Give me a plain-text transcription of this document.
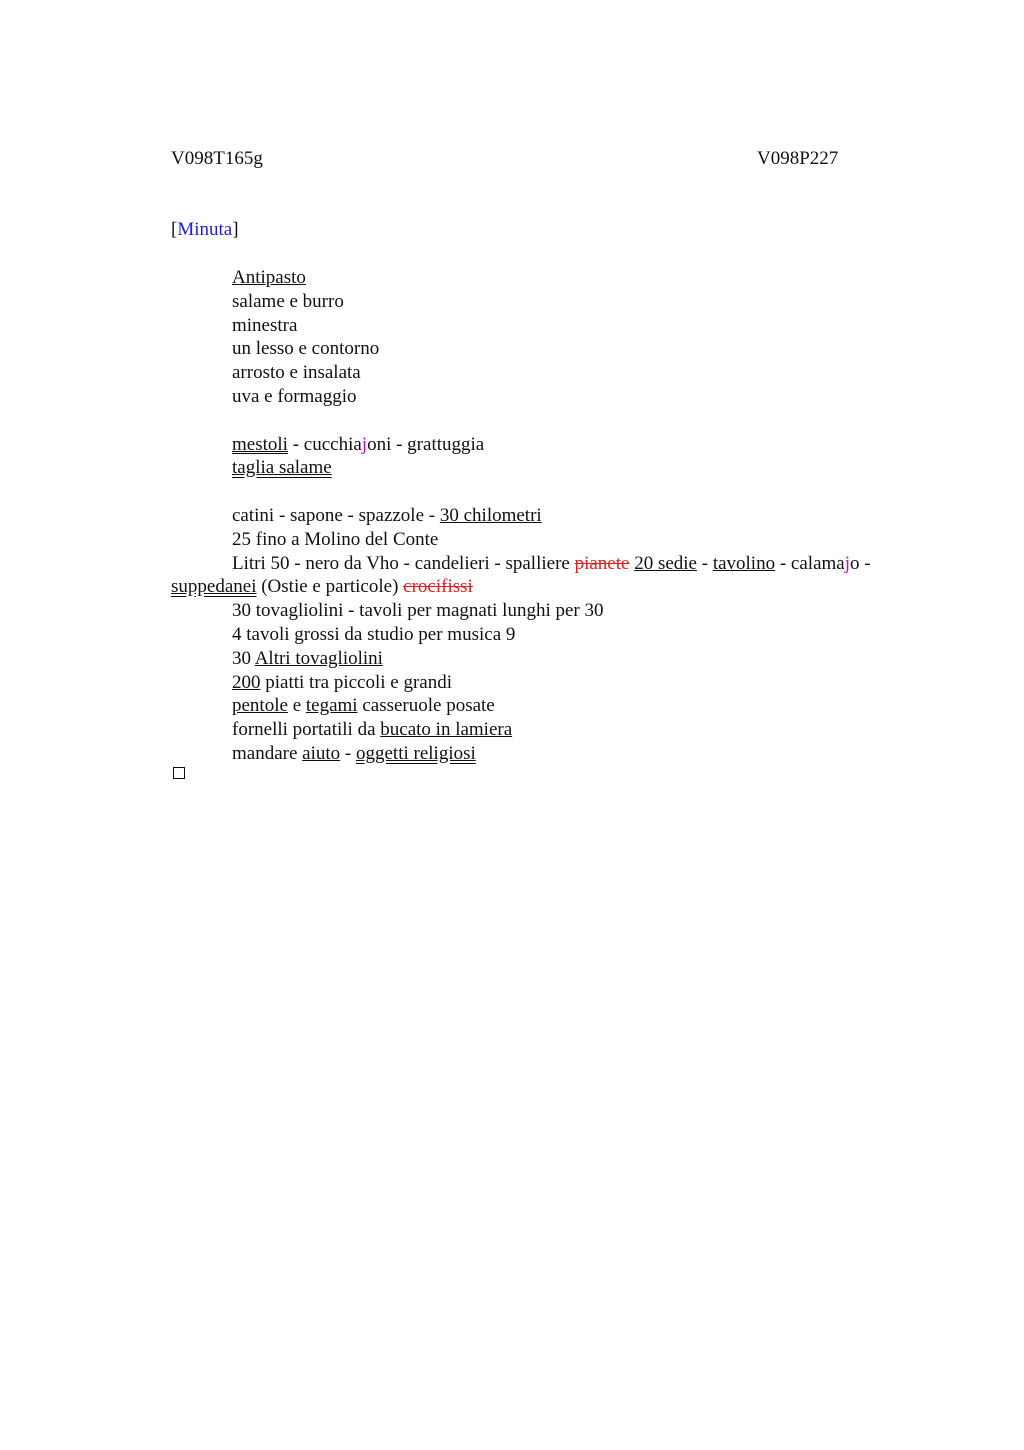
V098T165g	V098P227
[Minuta]

Antipasto

salame e burro

minestra

un lesso e contorno

arrosto e insalata

uva e formaggio

mestoli - cucchiajoni - grattuggia

taglia salame

catini - sapone - spazzole - 30 chilometri

25 fino a Molino del Conte

Litri 50 - nero da Vho - candelieri - spalliere pianete 20 sedie - tavolino - calamajo - suppedanei (Ostie e particole) crocifissi

30 tovagliolini - tavoli per magnati lunghi per 30

4 tavoli grossi da studio per musica 9

30 Altri tovagliolini

200 piatti tra piccoli e grandi

pentole e tegami casseruole posate

fornelli portatili da bucato in lamiera

mandare aiuto - oggetti religiosi
